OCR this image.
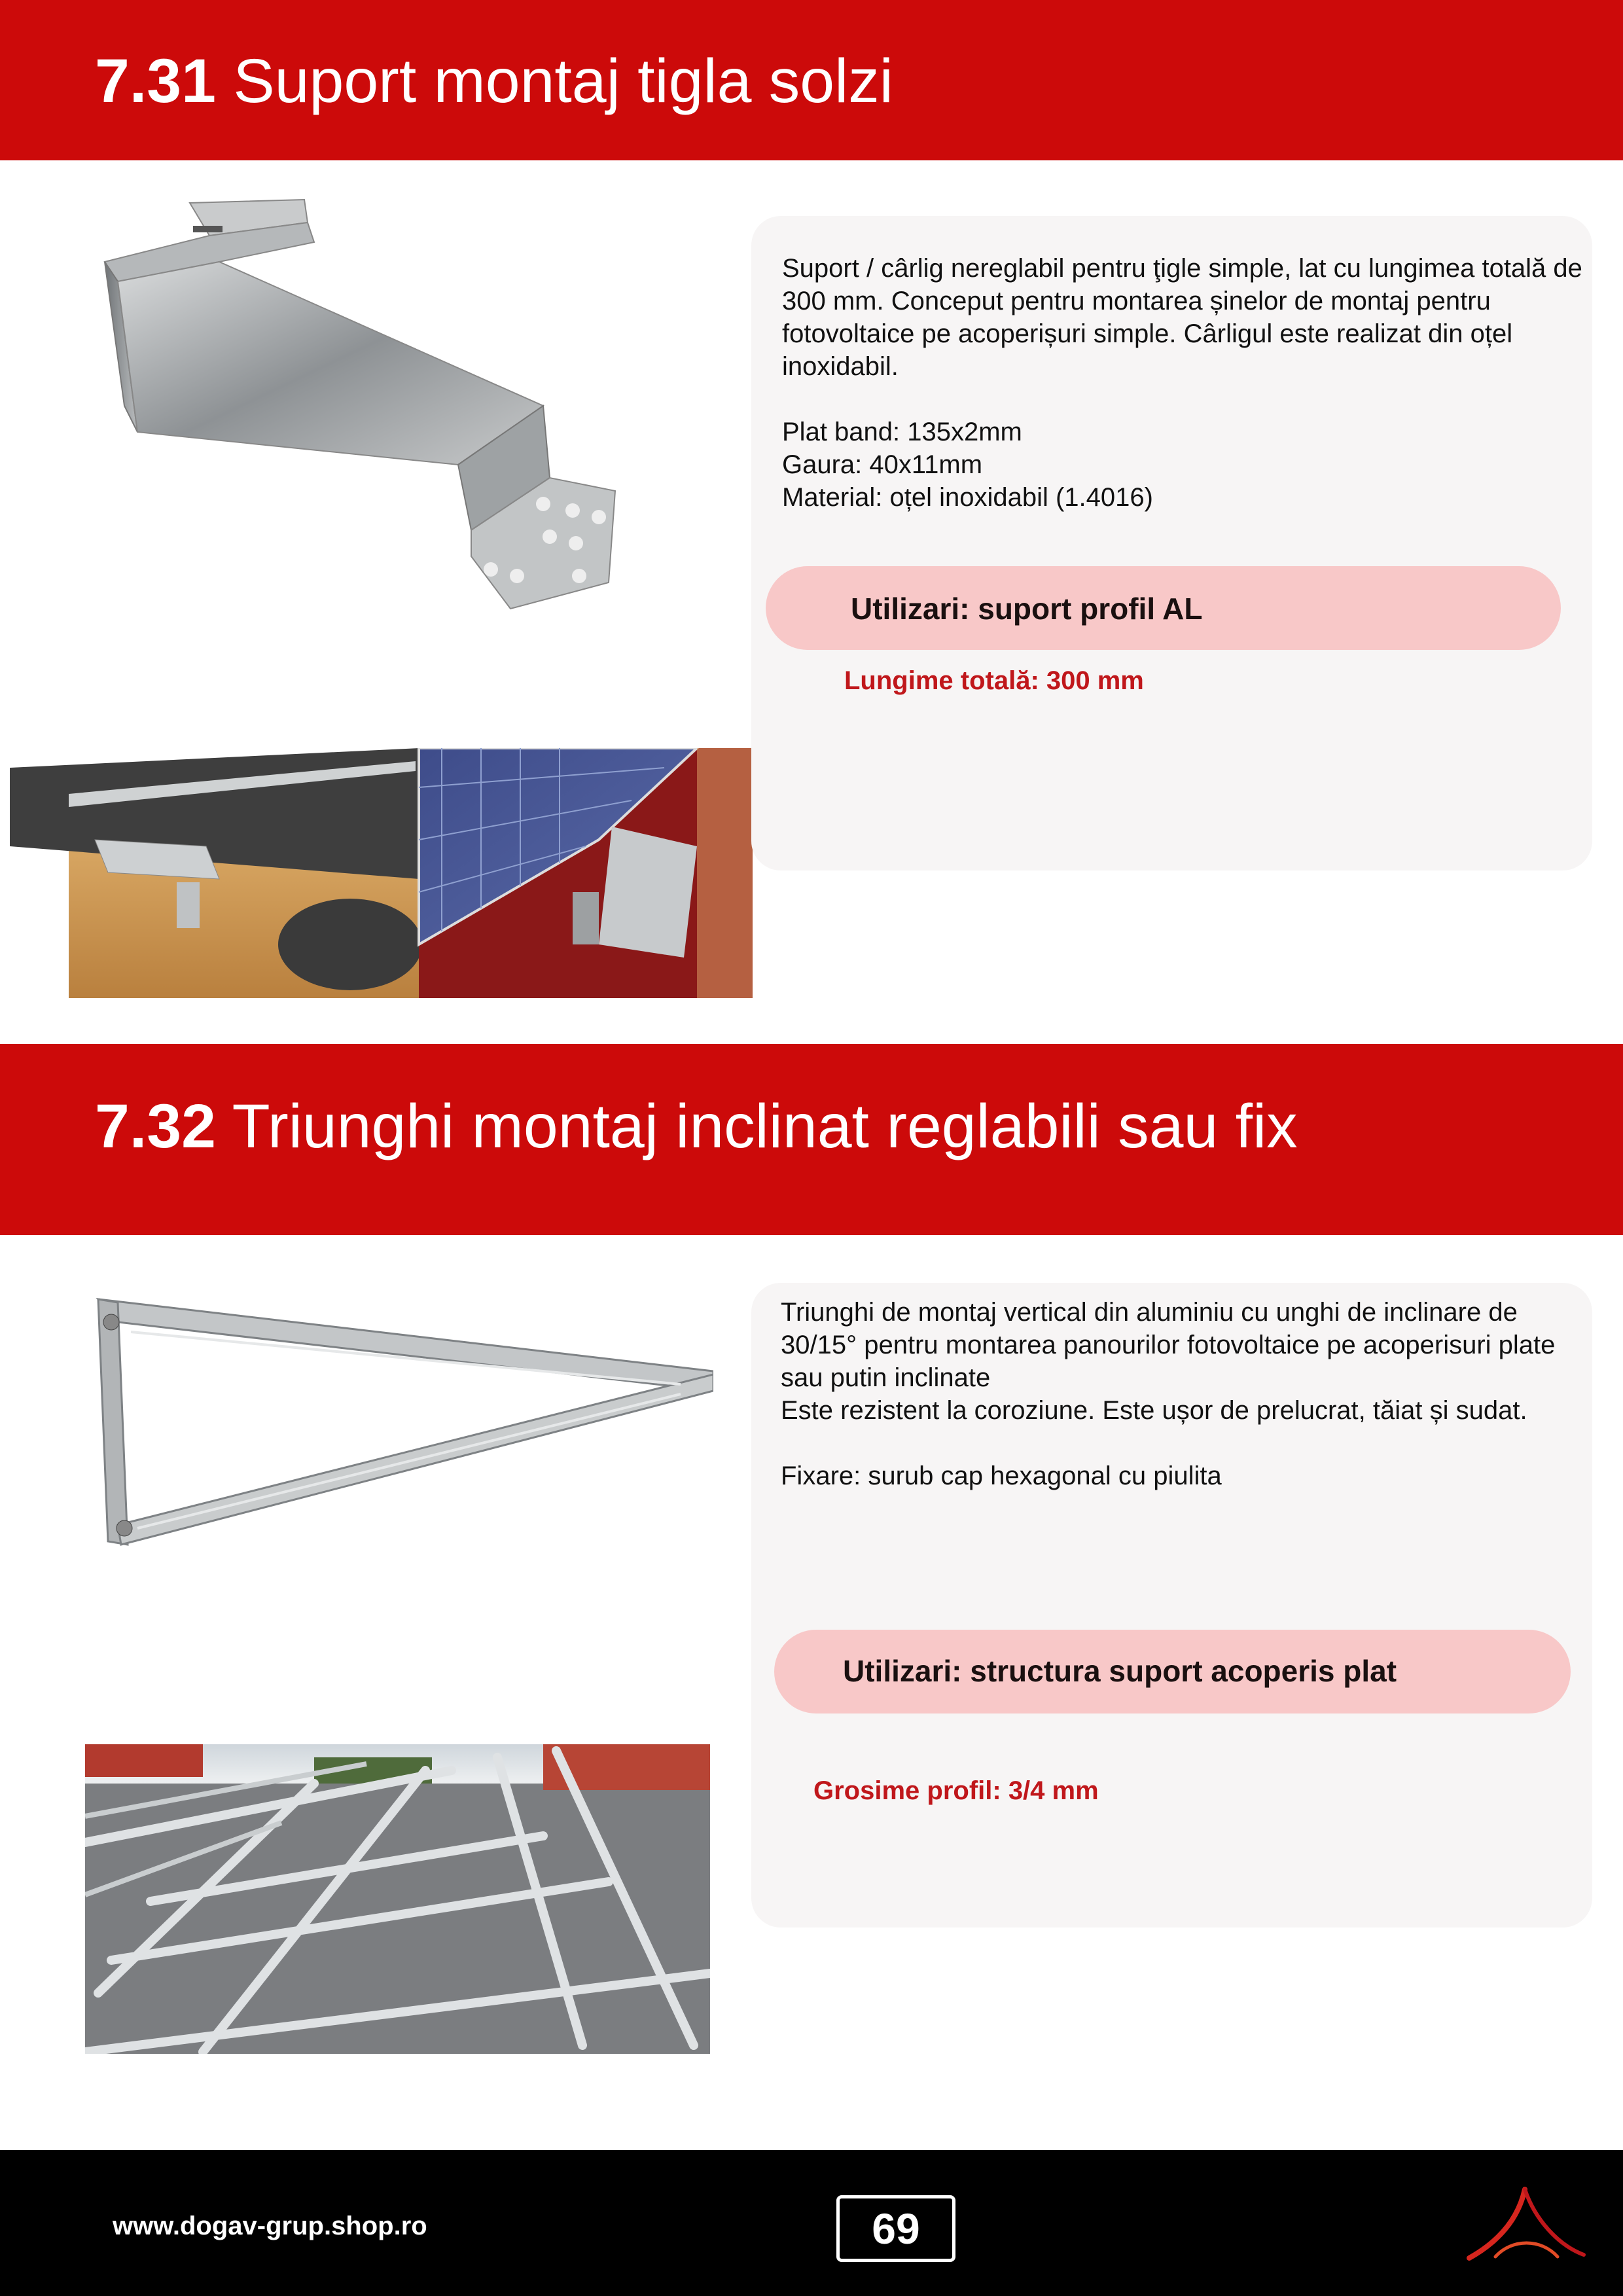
7.31 Suport montaj tigla solzi

Suport / cârlig nereglabil pentru ţigle simple, lat cu lungimea totală de 300 mm. Conceput pentru montarea șinelor de montaj pentru fotovoltaice pe acoperișuri simple. Cârligul este realizat din oțel inoxidabil.

Plat band: 135x2mm

Gaura: 40x11mm

Material: oțel inoxidabil (1.4016)

Utilizari: suport profil AL
Lungime totală: 300 mm
7.32 Triunghi montaj inclinat reglabili sau fix

Triunghi de montaj vertical din aluminiu cu unghi de inclinare de 30/15° pentru montarea panourilor fotovoltaice pe acoperisuri plate sau putin inclinate

Este rezistent la coroziune. Este ușor de prelucrat, tăiat și sudat.

Fixare: surub cap hexagonal cu piulita

Utilizari: structura suport acoperis plat
Grosime profil: 3/4 mm
www.dogav-grup.shop.ro	69
